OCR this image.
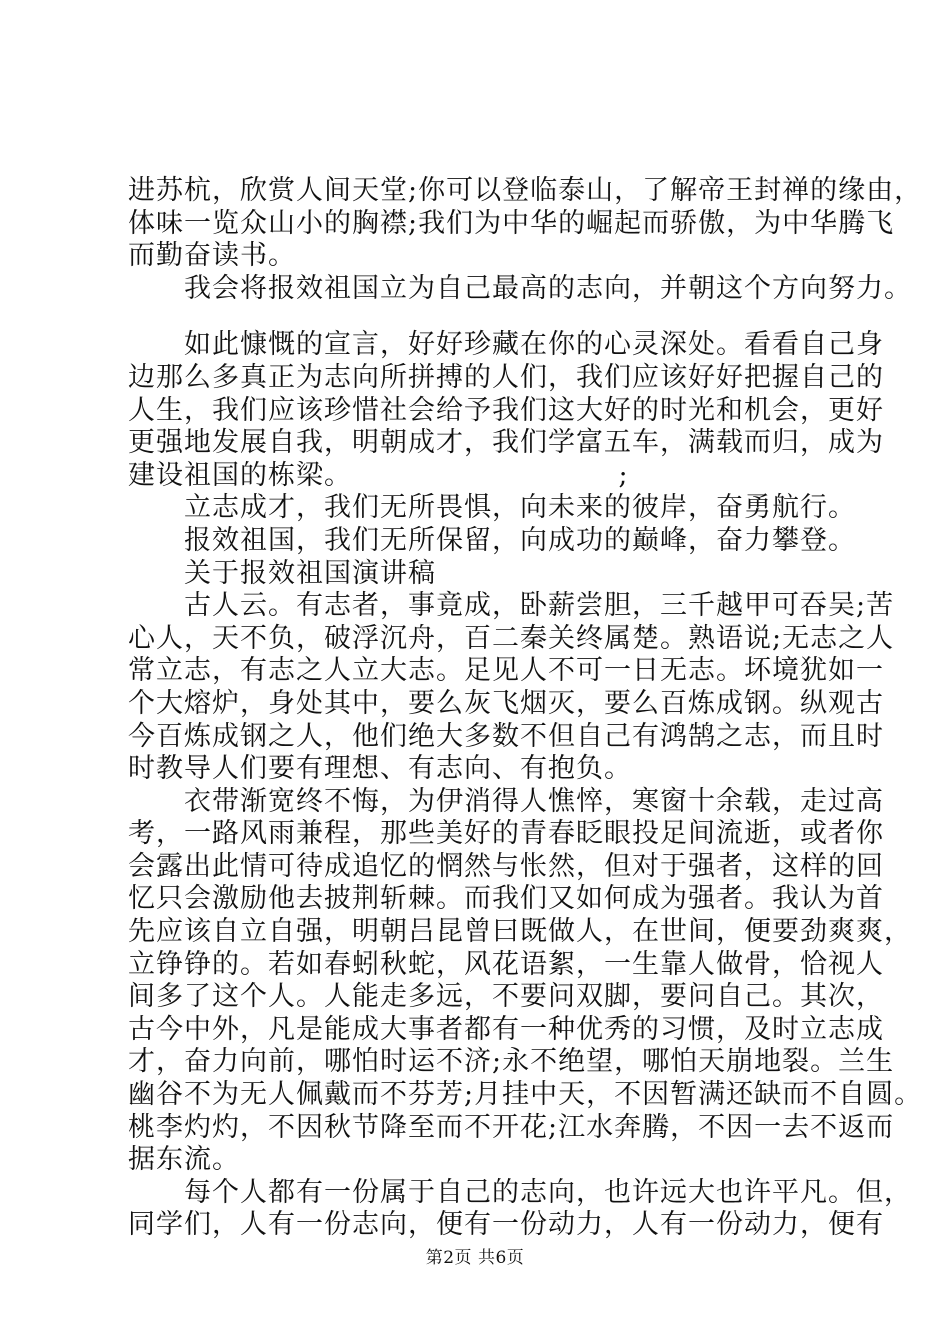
进苏杭，欣赏人间天堂;你可以登临泰山，了解帝王封禅的缘由，
体味一览众山小的胸襟;我们为中华的崛起而骄傲，为中华腾飞
而勤奋读书。
　　我会将报效祖国立为自己最高的志向，并朝这个方向努力。
　　如此慷慨的宣言，好好珍藏在你的心灵深处。看看自己身
边那么多真正为志向所拼搏的人们，我们应该好好把握自己的
人生，我们应该珍惜社会给予我们这大好的时光和机会，更好
更强地发展自我，明朝成才，我们学富五车，满载而归，成为
建设祖国的栋梁。　　　　　　　　　　;
　　立志成才，我们无所畏惧，向未来的彼岸，奋勇航行。
　　报效祖国，我们无所保留，向成功的巅峰，奋力攀登。
　　关于报效祖国演讲稿
　　古人云。有志者，事竟成，卧薪尝胆，三千越甲可吞吴;苦
心人，天不负，破浮沉舟，百二秦关终属楚。熟语说;无志之人
常立志，有志之人立大志。足见人不可一日无志。坏境犹如一
个大熔炉，身处其中，要么灰飞烟灭，要么百炼成钢。纵观古
今百炼成钢之人，他们绝大多数不但自己有鸿鹄之志，而且时
时教导人们要有理想、有志向、有抱负。
　　衣带渐宽终不悔，为伊消得人憔悴，寒窗十余载，走过高
考，一路风雨兼程，那些美好的青春眨眼投足间流逝，或者你
会露出此情可待成追忆的惘然与怅然，但对于强者，这样的回
忆只会激励他去披荆斩棘。而我们又如何成为强者。我认为首
先应该自立自强，明朝吕昆曾曰既做人，在世间，便要劲爽爽，
立铮铮的。若如春蚓秋蛇，风花语絮，一生靠人做骨，恰视人
间多了这个人。人能走多远，不要问双脚，要问自己。其次，
古今中外，凡是能成大事者都有一种优秀的习惯，及时立志成
才，奋力向前，哪怕时运不济;永不绝望，哪怕天崩地裂。兰生
幽谷不为无人佩戴而不芬芳;月挂中天，不因暂满还缺而不自圆。
桃李灼灼，不因秋节降至而不开花;江水奔腾，不因一去不返而
据东流。
　　每个人都有一份属于自己的志向，也许远大也许平凡。但，
同学们，人有一份志向，便有一份动力，人有一份动力，便有
第2页 共6页
